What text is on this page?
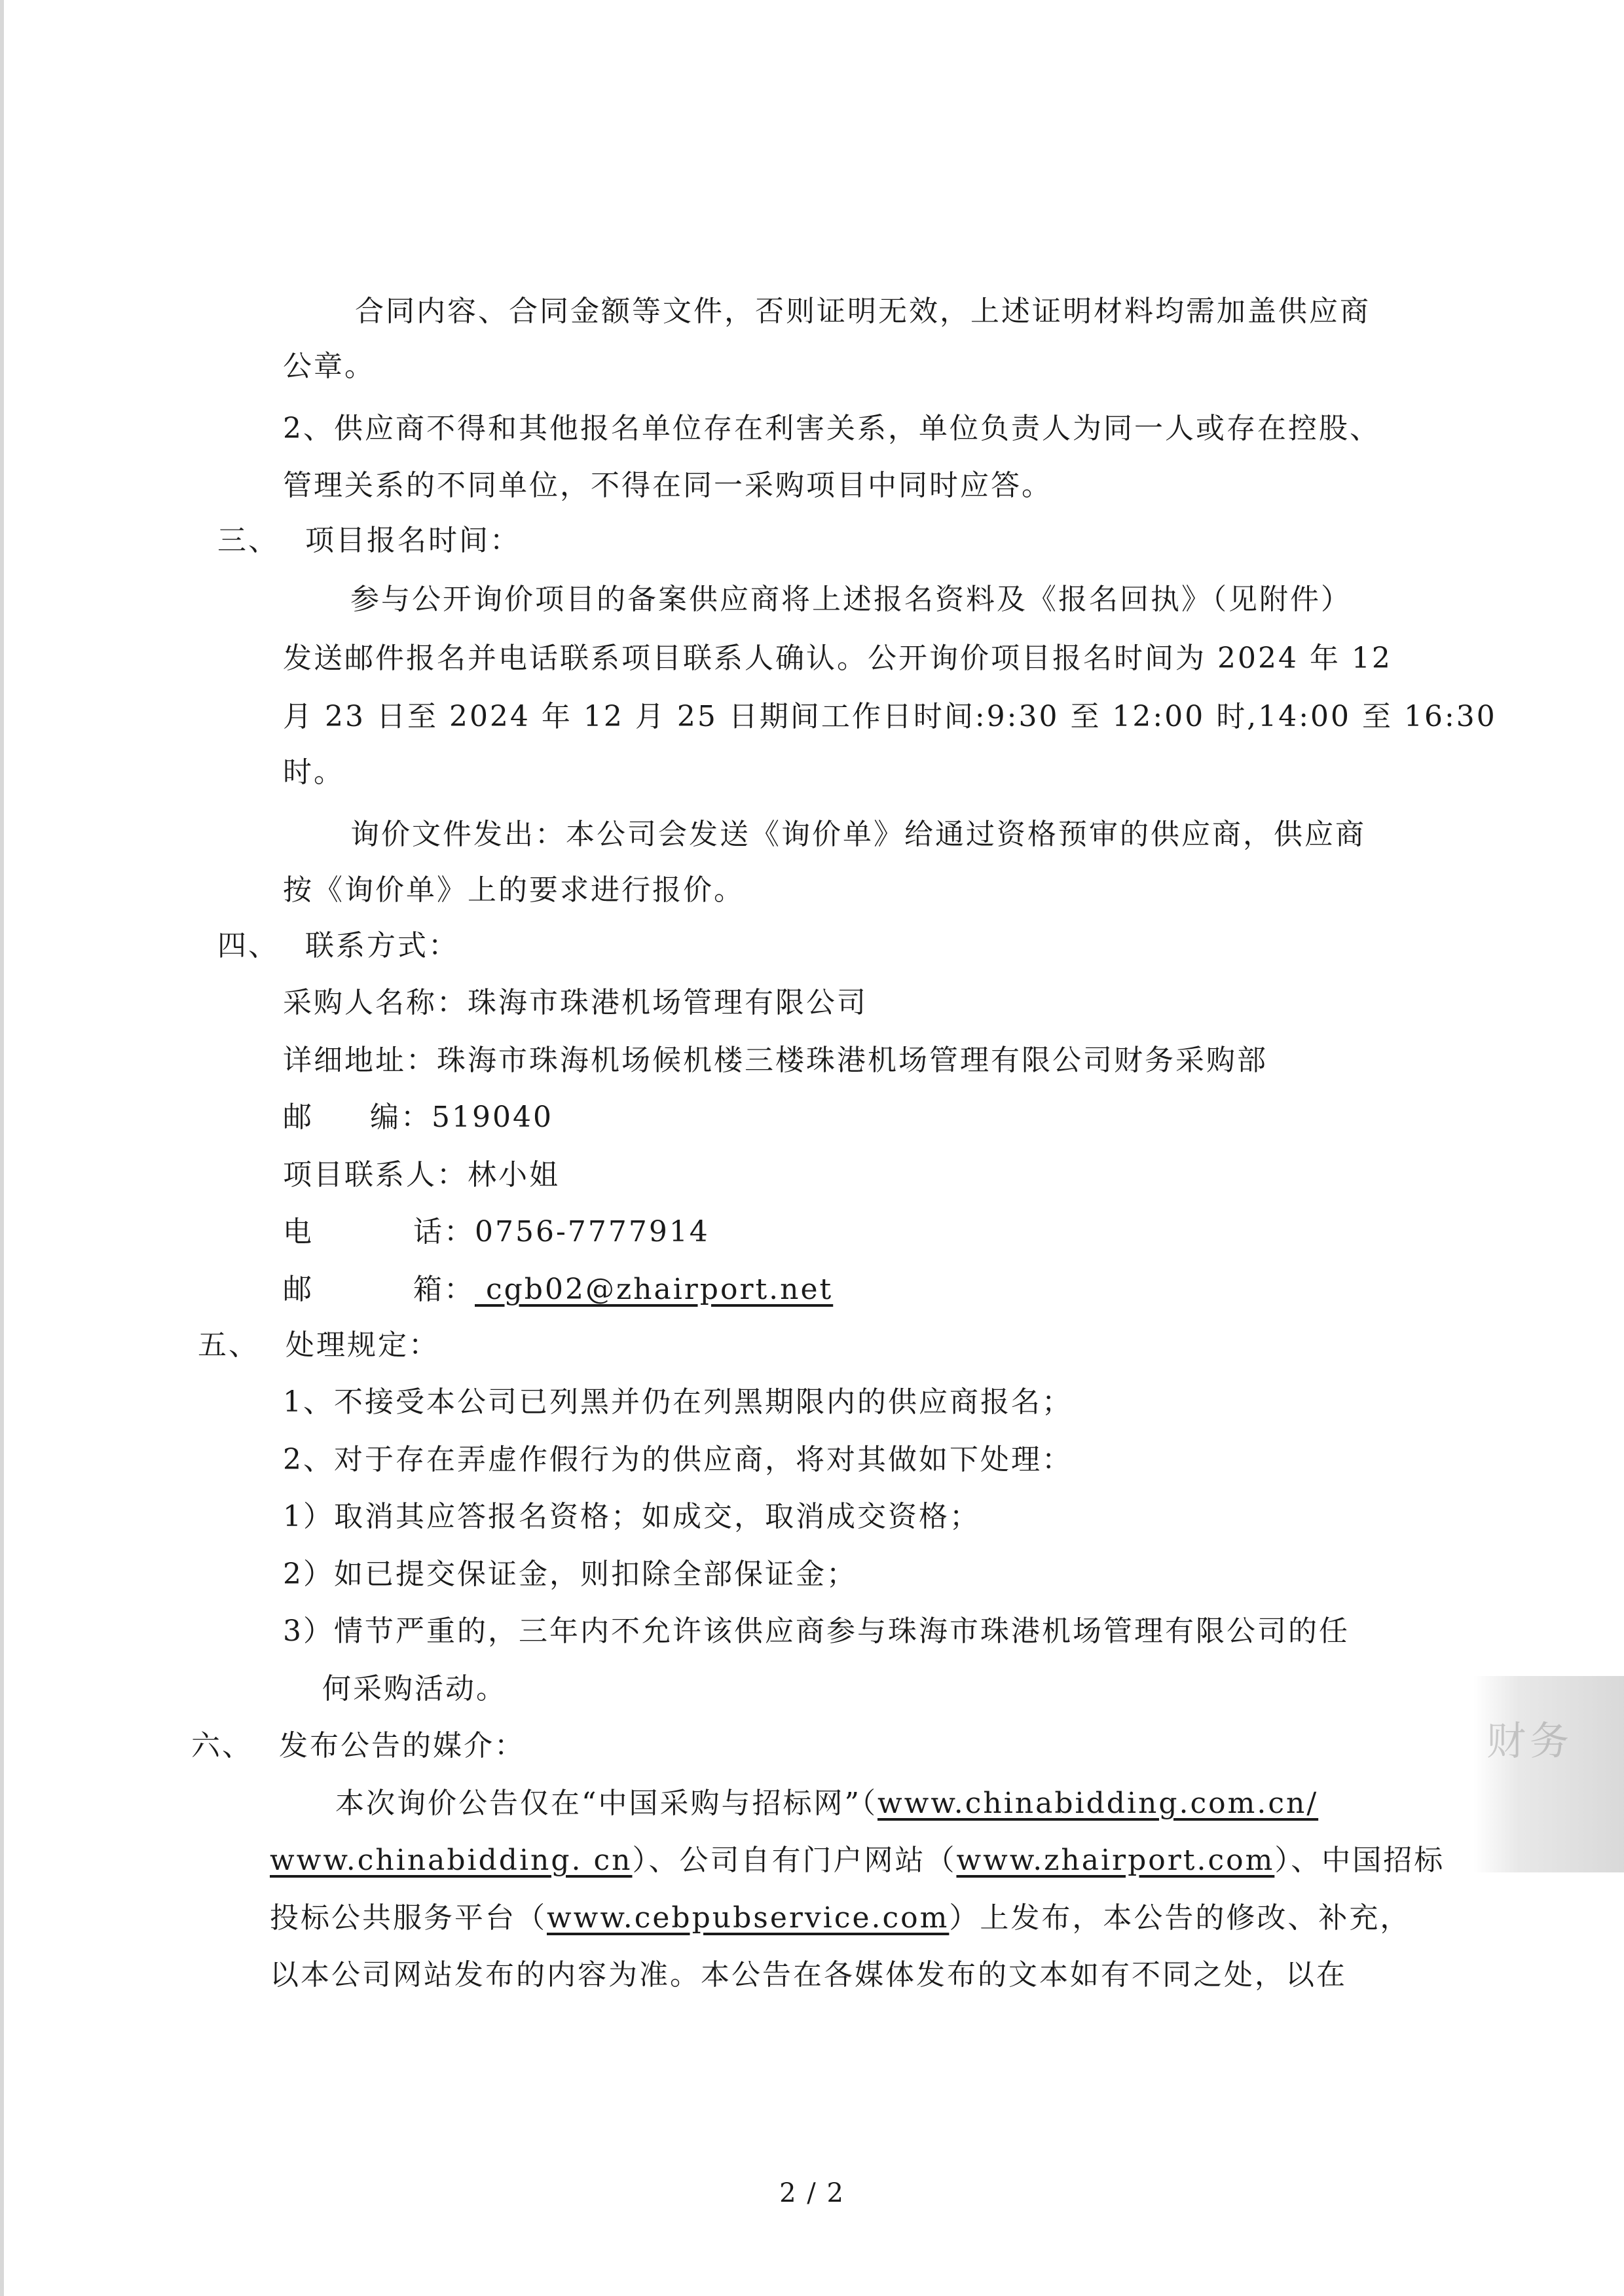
合同内容、合同金额等文件，否则证明无效，上述证明材料均需加盖供应商

公章。

2、供应商不得和其他报名单位存在利害关系，单位负责人为同一人或存在控股、

管理关系的不同单位，不得在同一采购项目中同时应答。

三、 项目报名时间：

参与公开询价项目的备案供应商将上述报名资料及《报名回执》（见附件）

发送邮件报名并电话联系项目联系人确认。公开询价项目报名时间为 2024 年 12

月 23 日至 2024 年 12 月 25 日期间工作日时间:9:30 至 12:00 时,14:00 至 16:30

时。

询价文件发出：本公司会发送《询价单》给通过资格预审的供应商，供应商

按《询价单》上的要求进行报价。

四、 联系方式：

采购人名称：珠海市珠港机场管理有限公司

详细地址：珠海市珠海机场候机楼三楼珠港机场管理有限公司财务采购部

邮 编：519040

项目联系人：林小姐

电	话：0756-7777914

邮	箱： cgb02@zhairport.net

五、 处理规定：

1、不接受本公司已列黑并仍在列黑期限内的供应商报名；

2、对于存在弄虚作假行为的供应商，将对其做如下处理：

1）取消其应答报名资格；如成交，取消成交资格；

2）如已提交保证金，则扣除全部保证金；

3）情节严重的，三年内不允许该供应商参与珠海市珠港机场管理有限公司的任

何采购活动。

六、 发布公告的媒介：

本次询价公告仅在“中国采购与招标网”（www.chinabidding.com.cn/

www.chinabidding. cn）、公司自有门户网站（www.zhairport.com）、中国招标

投标公共服务平台（www.cebpubservice.com）上发布，本公告的修改、补充，

以本公司网站发布的内容为准。本公告在各媒体发布的文本如有不同之处，以在

财务
2 / 2
